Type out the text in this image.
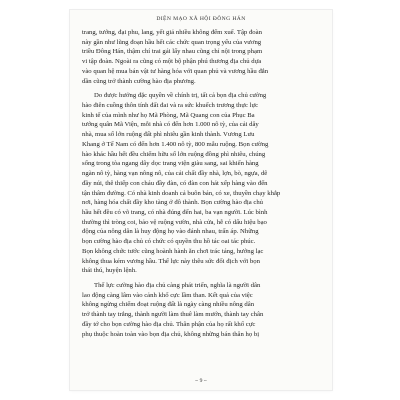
DIỆN MẠO XÃ HỘI ĐÔNG HÁN
trang, tướng, đại phu, lang, yết giả nhiều không đếm xuể. Tập đoàn
này gần như lũng đoạn hầu hết các chức quan trọng yếu của vương
triều Đông Hán, thậm chí trai gái lấy nhau cũng chỉ nội trong phạm
vi tập đoàn. Ngoài ra cũng có một bộ phận phú thương địa chủ dựa
vào quan hệ mua bán vật tư hàng hóa với quan phủ và vương hầu đắn
dần cũng trở thành cường hào địa phương.
Do được hưởng đặc quyền về chính trị, tất cả bọn địa chủ cường
hào điên cuồng thôn tính đất đai và ra sức khuếch trương thực lực
kinh tế của mình như họ Mã Phòng, Mã Quang con của Phục Ba
tướng quân Mã Viện, mỗi nhà có đến hơn 1.000 nô tỳ, của cải dây
nhà, mua số lớn ruộng đất phì nhiêu gần kinh thành. Vương Lưu
Khang ở Tế Nam có đến hơn 1.400 nô tỳ, 800 mẫu ruộng. Bọn cường
hào khác hầu hết đều chiếm hữu số lớn ruộng đồng phì nhiêu, chúng
sống trong tòa ngang dây dọc trang viện giàu sang, sai khiến hàng
ngàn nô tỳ, hàng vạn nông nô, của cải chất đầy nhà, lợn, bò, ngựa, dê
đầy núi, thê thiếp con cháu đầy đàn, có đàn con hát xếp hàng vào đến
tận thâm đường. Có nhà kinh doanh cả buôn bán, có xe, thuyền chạy khắp
nơi, hàng hóa chất đầy kho tàng ở đô thành. Bọn cường hào địa chủ
hầu hết đều có võ trang, có nhà đúng đến hai, ba vạn người. Lúc bình
thường thì tròng coi, bảo vệ ruộng vườn, nhà cửa, hễ có dấu hiệu bạo
động của nông dân là huy động họ vào đánh nhau, trấn áp. Những
bọn cường hào địa chủ có chức có quyền thu hồ tác oai tác phúc.
Bọn không chức tước cũng hoành hành ăn chơi trác táng, hưởng lạc
không thua kém vương hầu. Thế lực này thêu sức đối địch với bọn
thái thú, huyện lệnh.
Thế lực cường hào địa chủ càng phát triển, nghĩa là người dân
lao động càng lâm vào cảnh khổ cực lầm than. Kết quả của việc
không ngừng chiếm đoạt ruộng đất là ngày càng nhiều nông dân
trở thành tay trắng, thành người làm thuê làm mướn, thành tay chân
đầy tớ cho bọn cường hào địa chủ. Thân phận của họ rất khổ cực
phụ thuộc hoàn toàn vào bọn địa chủ, không những bán thân họ bị
~ 9 ~
